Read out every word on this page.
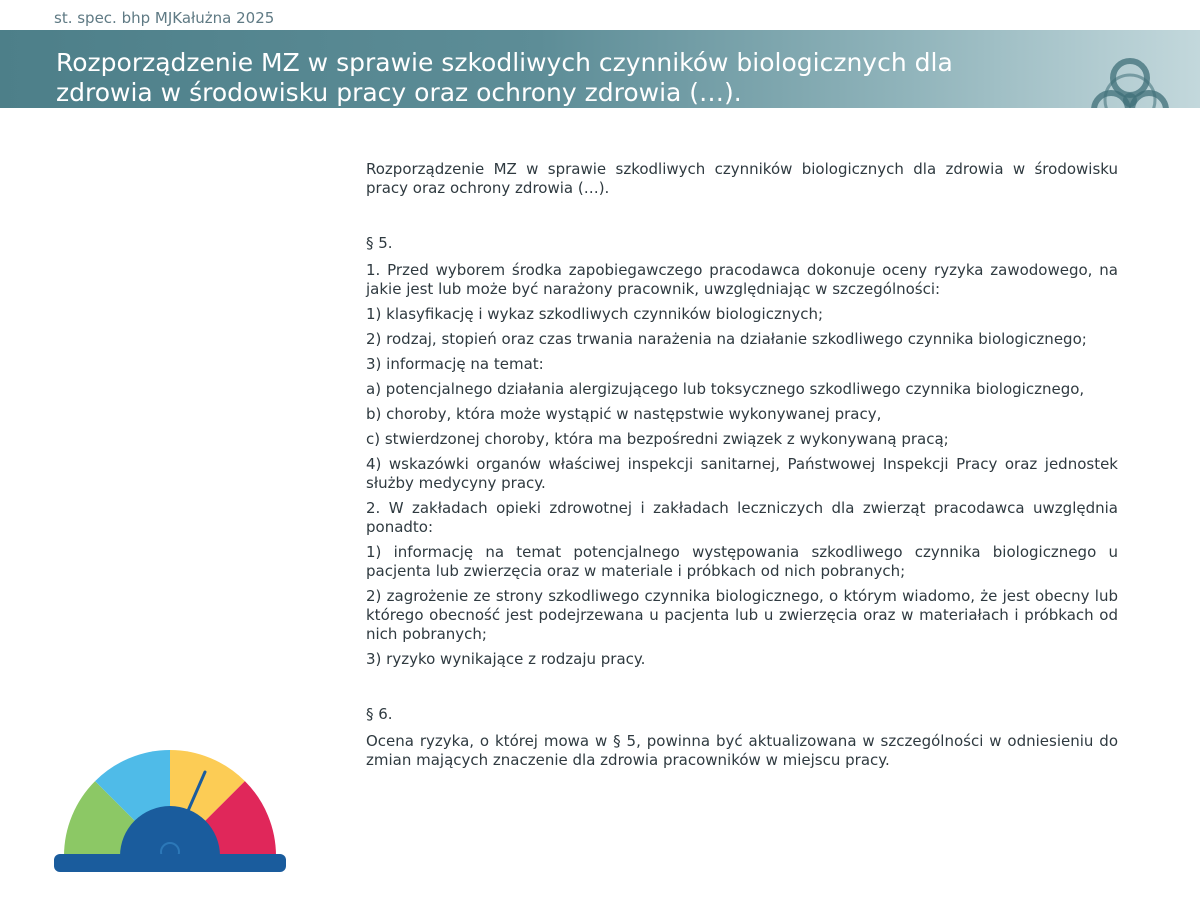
st. spec. bhp MJKałużna 2025
Rozporządzenie MZ w sprawie szkodliwych czynników biologicznych dla zdrowia w środowisku pracy oraz ochrony zdrowia (…).

Rozporządzenie MZ w sprawie szkodliwych czynników biologicznych dla zdrowia w środowisku pracy oraz ochrony zdrowia (…).

§ 5.

1. Przed wyborem środka zapobiegawczego pracodawca dokonuje oceny ryzyka zawodowego, na jakie jest lub może być narażony pracownik, uwzględniając w szczególności:

1) klasyfikację i wykaz szkodliwych czynników biologicznych;

2) rodzaj, stopień oraz czas trwania narażenia na działanie szkodliwego czynnika biologicznego;

3) informację na temat:

a) potencjalnego działania alergizującego lub toksycznego szkodliwego czynnika biologicznego,

b) choroby, która może wystąpić w następstwie wykonywanej pracy,

c) stwierdzonej choroby, która ma bezpośredni związek z wykonywaną pracą;

4) wskazówki organów właściwej inspekcji sanitarnej, Państwowej Inspekcji Pracy oraz jednostek służby medycyny pracy.

2. W zakładach opieki zdrowotnej i zakładach leczniczych dla zwierząt pracodawca uwzględnia ponadto:

1) informację na temat potencjalnego występowania szkodliwego czynnika biologicznego u pacjenta lub zwierzęcia oraz w materiale i próbkach od nich pobranych;

2) zagrożenie ze strony szkodliwego czynnika biologicznego, o którym wiadomo, że jest obecny lub którego obecność jest podejrzewana u pacjenta lub u zwierzęcia oraz w materiałach i próbkach od nich pobranych;

3) ryzyko wynikające z rodzaju pracy.

§ 6.

Ocena ryzyka, o której mowa w § 5, powinna być aktualizowana w szczególności w odniesieniu do zmian mających znaczenie dla zdrowia pracowników w miejscu pracy.
